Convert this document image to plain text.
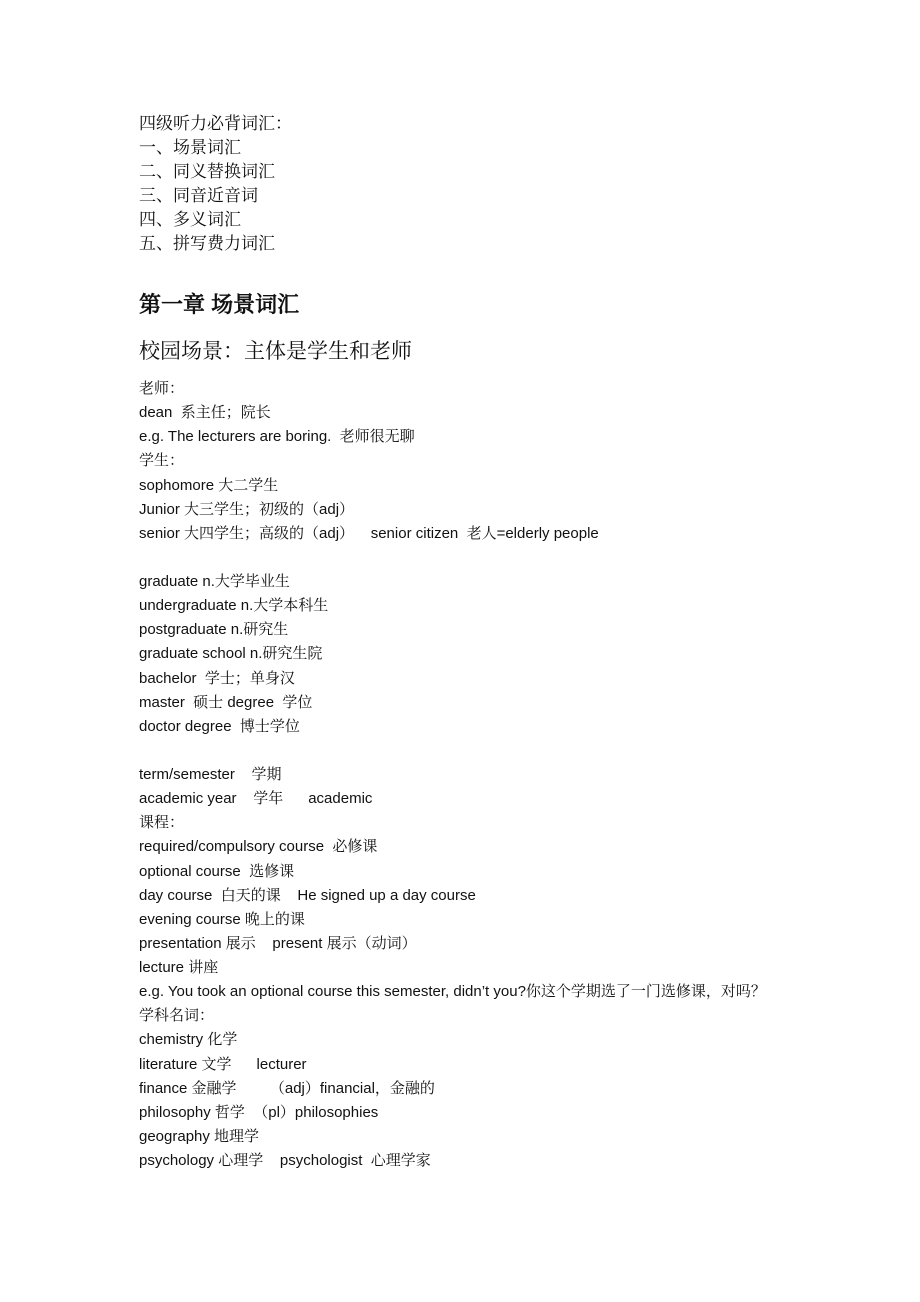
四级听力必背词汇：
一、场景词汇
二、同义替换词汇
三、同音近音词
四、多义词汇
五、拼写费力词汇
第一章 场景词汇
校园场景：主体是学生和老师
老师：
dean  系主任；院长
e.g. The lecturers are boring.  老师很无聊
学生：
sophomore 大二学生
Junior 大三学生；初级的（adj）
senior 大四学生；高级的（adj）    senior citizen  老人=elderly people
graduate n.大学毕业生
undergraduate n.大学本科生
postgraduate n.研究生
graduate school n.研究生院
bachelor  学士；单身汉
master  硕士 degree  学位
doctor degree  博士学位
term/semester    学期
academic year    学年      academic
课程：
required/compulsory course  必修课
optional course  选修课
day course  白天的课    He signed up a day course
evening course 晚上的课
presentation 展示    present 展示（动词）
lecture 讲座
e.g. You took an optional course this semester, didn’t you?你这个学期选了一门选修课，对吗？
学科名词：
chemistry 化学
literature 文学      lecturer
finance 金融学        （adj）financial，金融的
philosophy 哲学  （pl）philosophies
geography 地理学
psychology 心理学    psychologist  心理学家
